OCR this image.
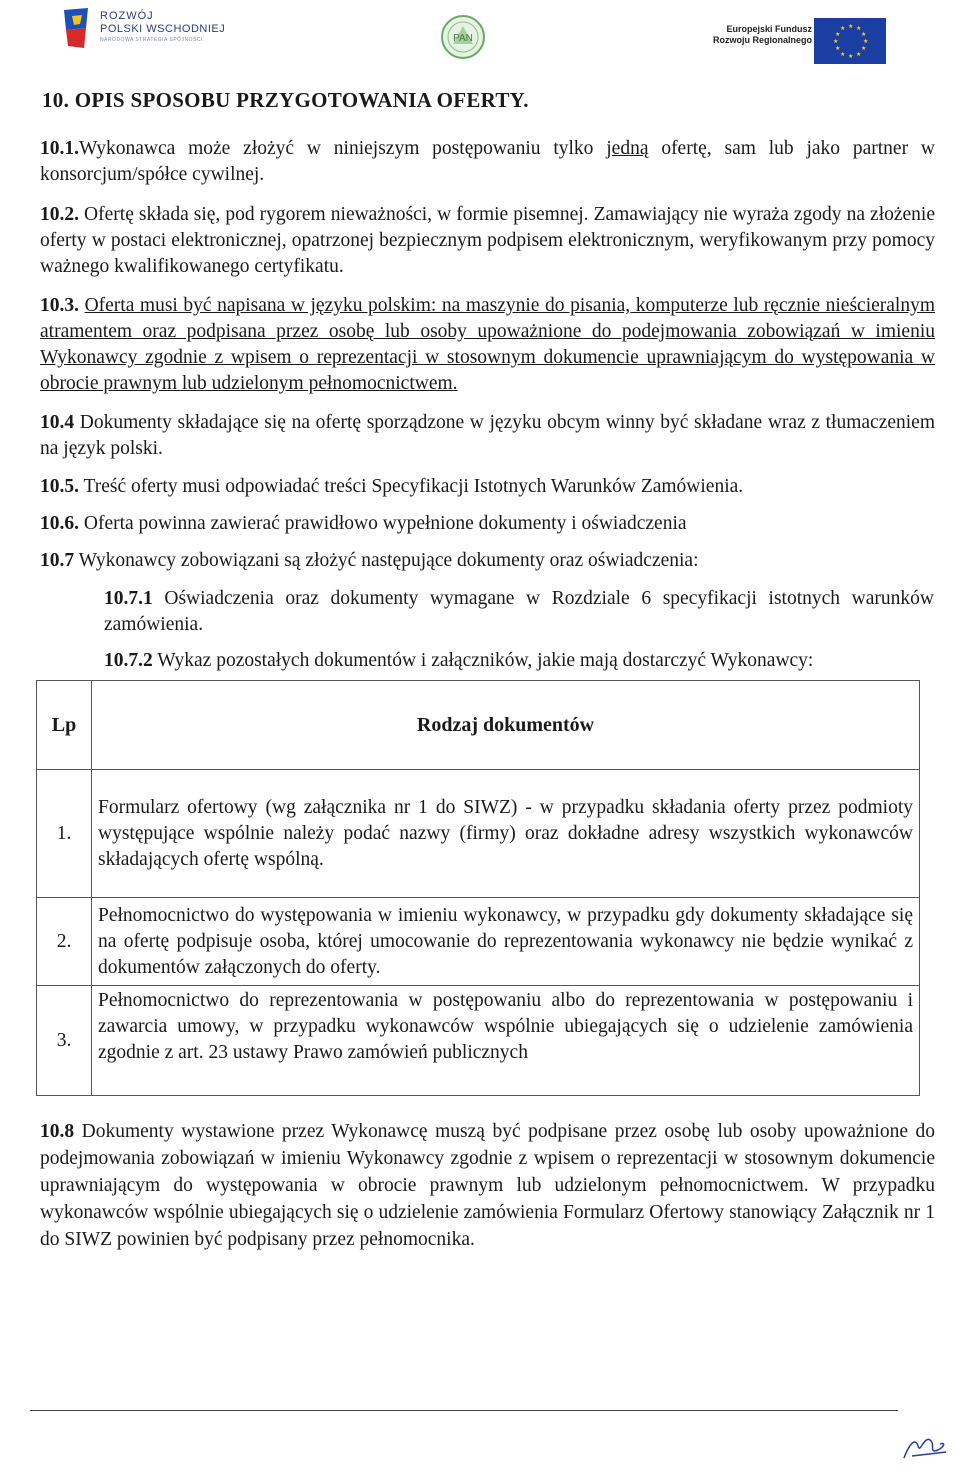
ROZWÓJ
POLSKI WSCHODNIEJ
NARODOWA STRATEGIA SPÓJNOŚCI	PAN
Europejski Fundusz
Rozwoju Regionalnego
★ ★
★
★
★
★
★
★
★
★
★
★
10. OPIS SPOSOBU PRZYGOTOWANIA OFERTY.

10.1.Wykonawca może złożyć w niniejszym postępowaniu tylko jedną ofertę, sam lub jako partner w konsorcjum/spółce cywilnej.

10.2. Ofertę składa się, pod rygorem nieważności, w formie pisemnej. Zamawiający nie wyraża zgody na złożenie oferty w postaci elektronicznej, opatrzonej bezpiecznym podpisem elektronicznym, weryfikowanym przy pomocy ważnego kwalifikowanego certyfikatu.

10.3. Oferta musi być napisana w języku polskim: na maszynie do pisania, komputerze lub ręcznie nieścieralnym atramentem oraz podpisana przez osobę lub osoby upoważnione do podejmowania zobowiązań w imieniu Wykonawcy zgodnie z wpisem o reprezentacji w stosownym dokumencie uprawniającym do występowania w obrocie prawnym lub udzielonym pełnomocnictwem.

10.4 Dokumenty składające się na ofertę sporządzone w języku obcym winny być składane wraz z tłumaczeniem na język polski.

10.5. Treść oferty musi odpowiadać treści Specyfikacji Istotnych Warunków Zamówienia.

10.6. Oferta powinna zawierać prawidłowo wypełnione dokumenty i oświadczenia

10.7 Wykonawcy zobowiązani są złożyć następujące dokumenty oraz oświadczenia:

10.7.1 Oświadczenia oraz dokumenty wymagane w Rozdziale 6 specyfikacji istotnych warunków zamówienia.

10.7.2 Wykaz pozostałych dokumentów i załączników, jakie mają dostarczyć Wykonawcy:

Lp	Rodzaj dokumentów
1.	Formularz ofertowy (wg załącznika nr 1 do SIWZ) - w przypadku składania oferty przez podmioty występujące wspólnie należy podać nazwy (firmy) oraz dokładne adresy wszystkich wykonawców składających ofertę wspólną.
2.	Pełnomocnictwo do występowania w imieniu wykonawcy, w przypadku gdy dokumenty składające się na ofertę podpisuje osoba, której umocowanie do reprezentowania wykonawcy nie będzie wynikać z dokumentów załączonych do oferty.
3.	Pełnomocnictwo do reprezentowania w postępowaniu albo do reprezentowania w postępowaniu i zawarcia umowy, w przypadku wykonawców wspólnie ubiegających się o udzielenie zamówienia zgodnie z art. 23 ustawy Prawo zamówień publicznych

10.8 Dokumenty wystawione przez Wykonawcę muszą być podpisane przez osobę lub osoby upoważnione do podejmowania zobowiązań w imieniu Wykonawcy zgodnie z wpisem o reprezentacji w stosownym dokumencie uprawniającym do występowania w obrocie prawnym lub udzielonym pełnomocnictwem. W przypadku wykonawców wspólnie ubiegających się o udzielenie zamówienia Formularz Ofertowy stanowiący Załącznik nr 1 do SIWZ powinien być podpisany przez pełnomocnika.
